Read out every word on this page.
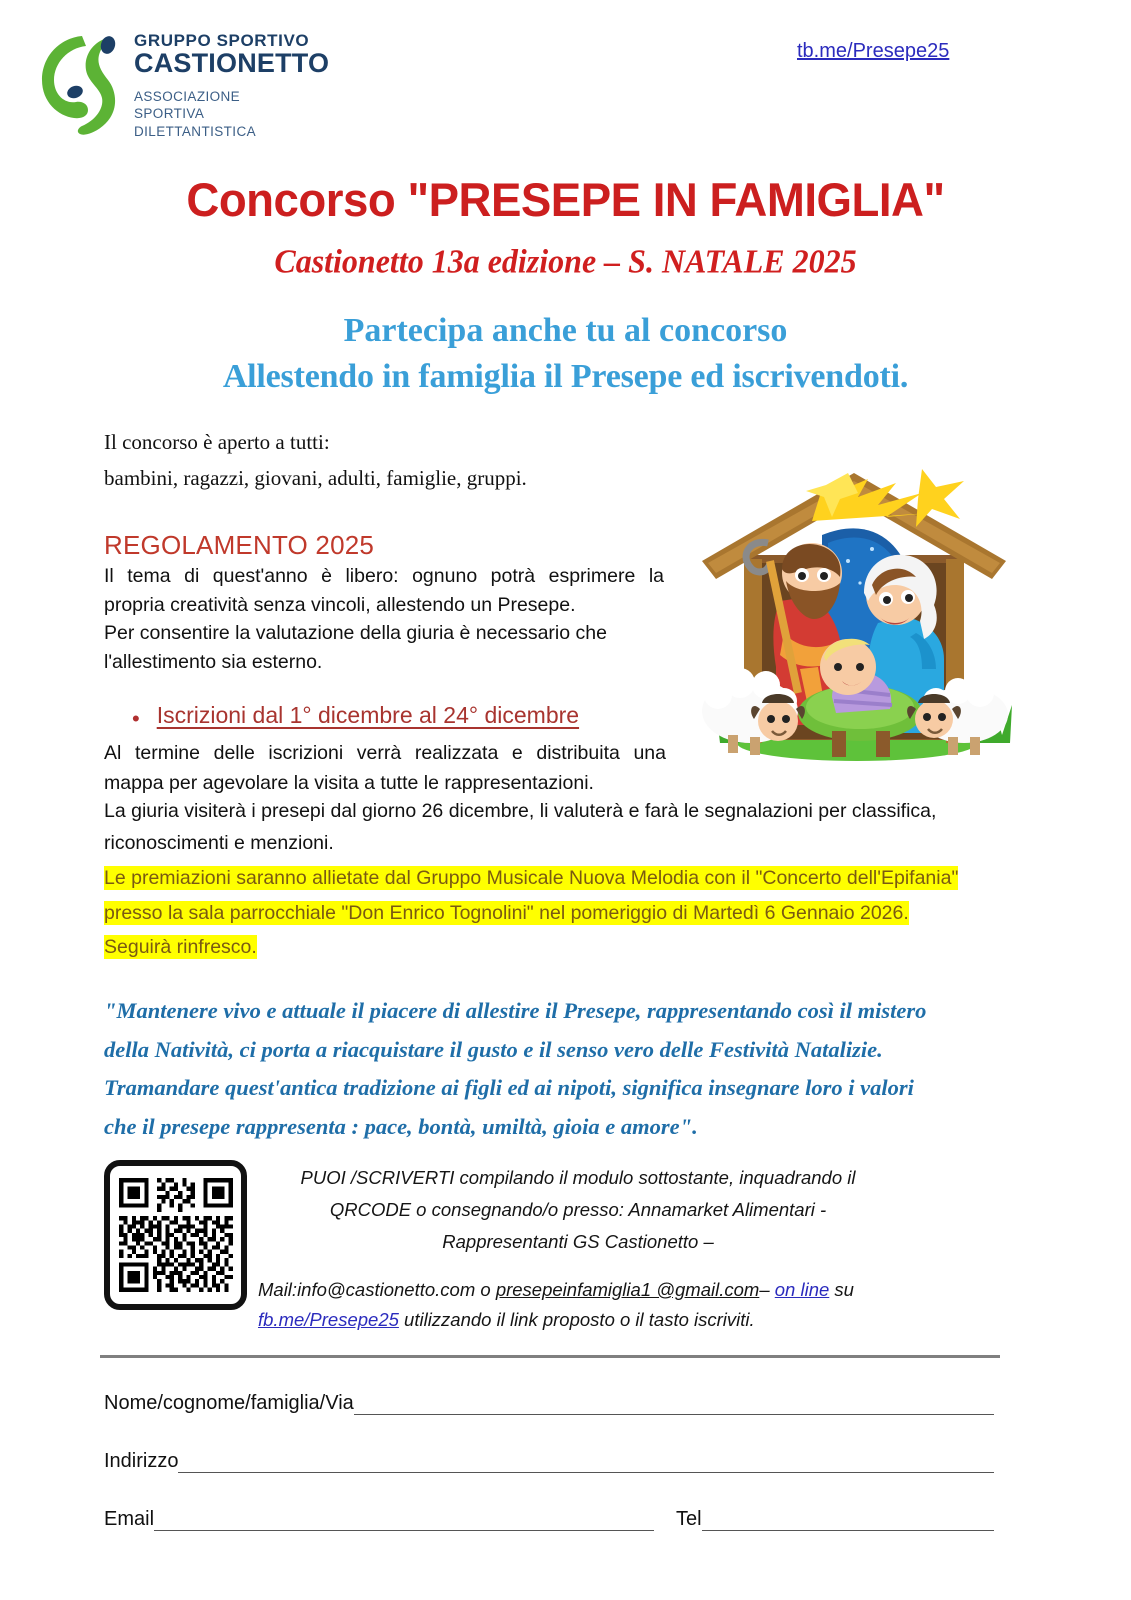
GRUPPO SPORTIVO
CASTIONETTO
ASSOCIAZIONE
SPORTIVA
DILETTANTISTICA
tb.me/Presepe25
Concorso "PRESEPE IN FAMIGLIA"
Castionetto 13a edizione – S. NATALE 2025
Partecipa anche tu al concorso
Allestendo in famiglia il Presepe ed iscrivendoti.
Il concorso è aperto a tutti:
bambini, ragazzi, giovani, adulti, famiglie, gruppi.
REGOLAMENTO 2025

Il tema di quest'anno è libero: ognuno potrà esprimere la

propria creatività senza vincoli, allestendo un Presepe.

Per consentire la valutazione della giuria è necessario che

l'allestimento sia esterno.

• Iscrizioni dal 1° dicembre al 24° dicembre

Al termine delle iscrizioni verrà realizzata e distribuita una

mappa per agevolare la visita a tutte le rappresentazioni.

La giuria visiterà i presepi dal giorno 26 dicembre, li valuterà e farà le segnalazioni per classifica,

riconoscimenti e menzioni.

Le premiazioni saranno allietate dal Gruppo Musicale Nuova Melodia con il "Concerto dell'Epifania"
presso la sala parrocchiale "Don Enrico Tognolini" nel pomeriggio di Martedì 6 Gennaio 2026.
Seguirà rinfresco.
"Mantenere vivo e attuale il piacere di allestire il Presepe, rappresentando così il mistero
della Natività, ci porta a riacquistare il gusto e il senso vero delle Festività Natalizie.
Tramandare quest'antica tradizione ai figli ed ai nipoti, significa insegnare loro i valori
che il presepe rappresenta : pace, bontà, umiltà, gioia e amore".
PUOI /SCRIVERTI compilando il modulo sottostante, inquadrando il
QRCODE o consegnando/o presso: Annamarket Alimentari -
Rappresentanti GS Castionetto –
Mail:info@castionetto.com o presepeinfamiglia1 @gmail.com– on line su
fb.me/Presepe25 utilizzando il link proposto o il tasto iscriviti.
Nome/cognome/famiglia/Via
Indirizzo
Email	Tel
